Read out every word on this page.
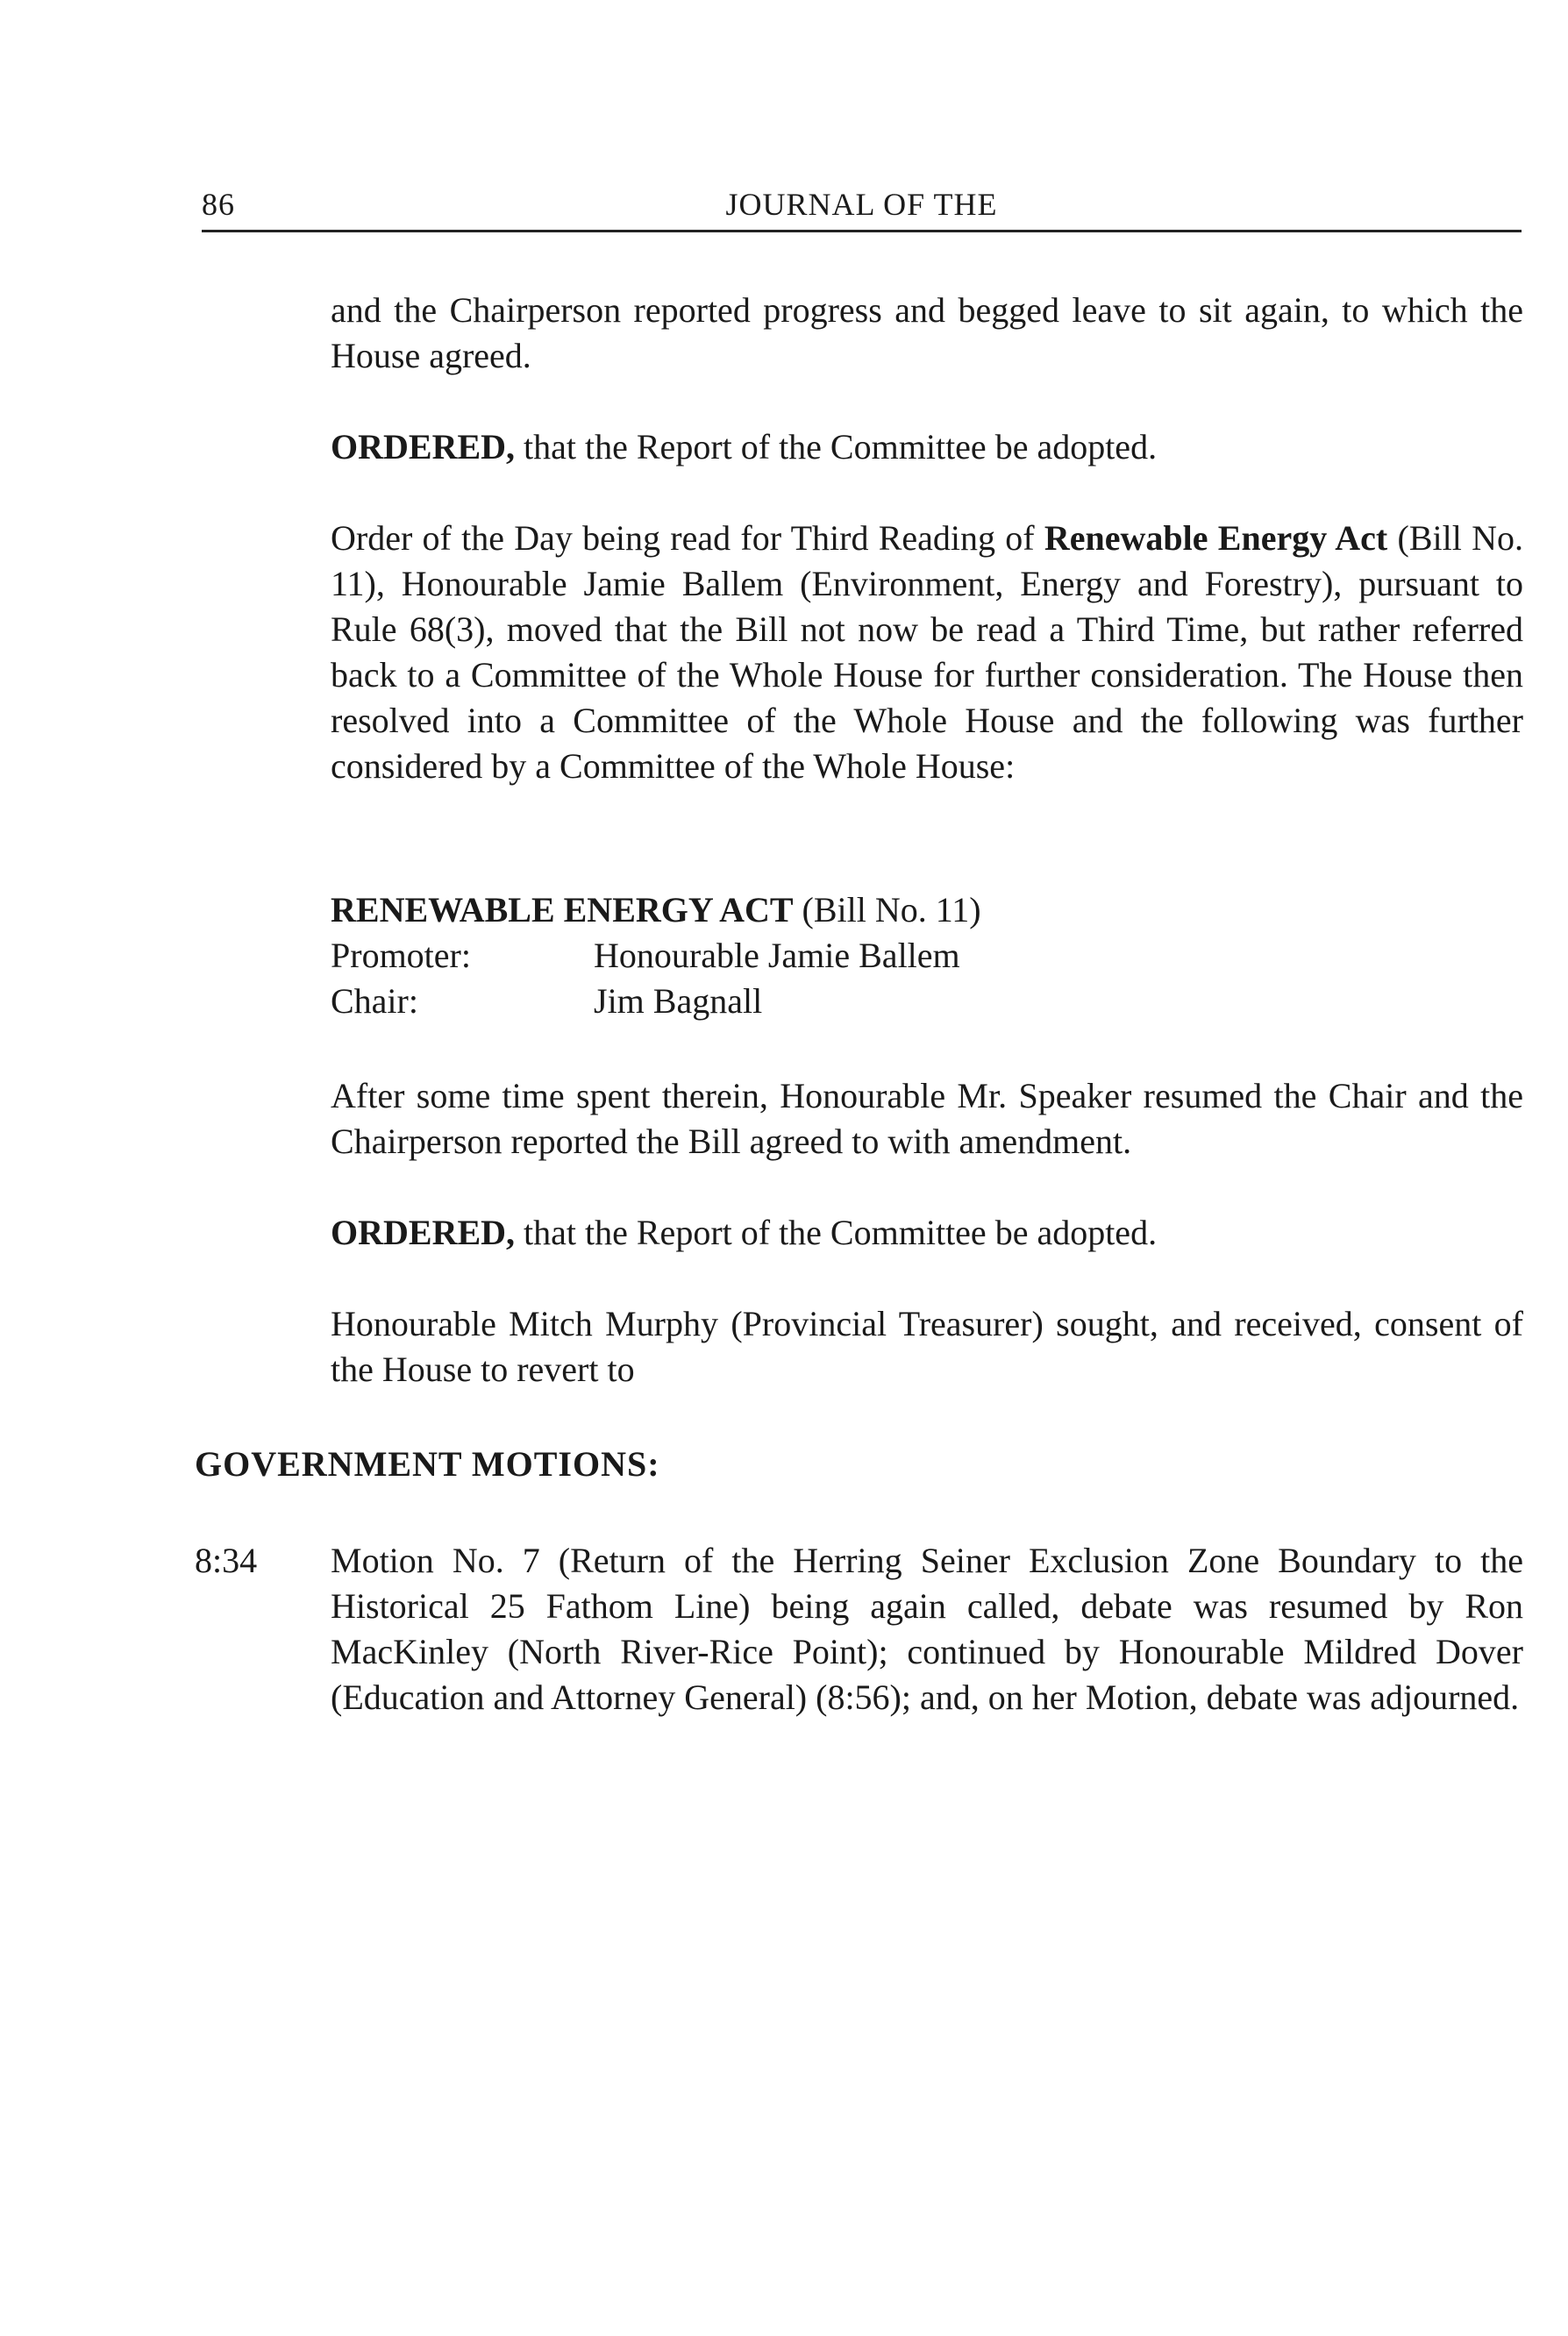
86	JOURNAL OF THE

and the Chairperson reported progress and begged leave to sit again, to which the House agreed.

ORDERED, that the Report of the Committee be adopted.

Order of the Day being read for Third Reading of Renewable Energy Act (Bill No. 11), Honourable Jamie Ballem (Environment, Energy and Forestry), pursuant to Rule 68(3), moved that the Bill not now be read a Third Time, but rather referred back to a Committee of the Whole House for further consideration. The House then resolved into a Committee of the Whole House and the following was further considered by a Committee of the Whole House:

RENEWABLE ENERGY ACT (Bill No. 11)
Promoter:	Honourable Jamie Ballem
Chair:	Jim Bagnall

After some time spent therein, Honourable Mr. Speaker resumed the Chair and the Chairperson reported the Bill agreed to with amendment.

ORDERED, that the Report of the Committee be adopted.

Honourable Mitch Murphy (Provincial Treasurer) sought, and received, consent of the House to revert to

GOVERNMENT MOTIONS:
8:34 Motion No. 7 (Return of the Herring Seiner Exclusion Zone Boundary to the Historical 25 Fathom Line) being again called, debate was resumed by Ron MacKinley (North River-Rice Point); continued by Honourable Mildred Dover (Education and Attorney General) (8:56); and, on her Motion, debate was adjourned.
